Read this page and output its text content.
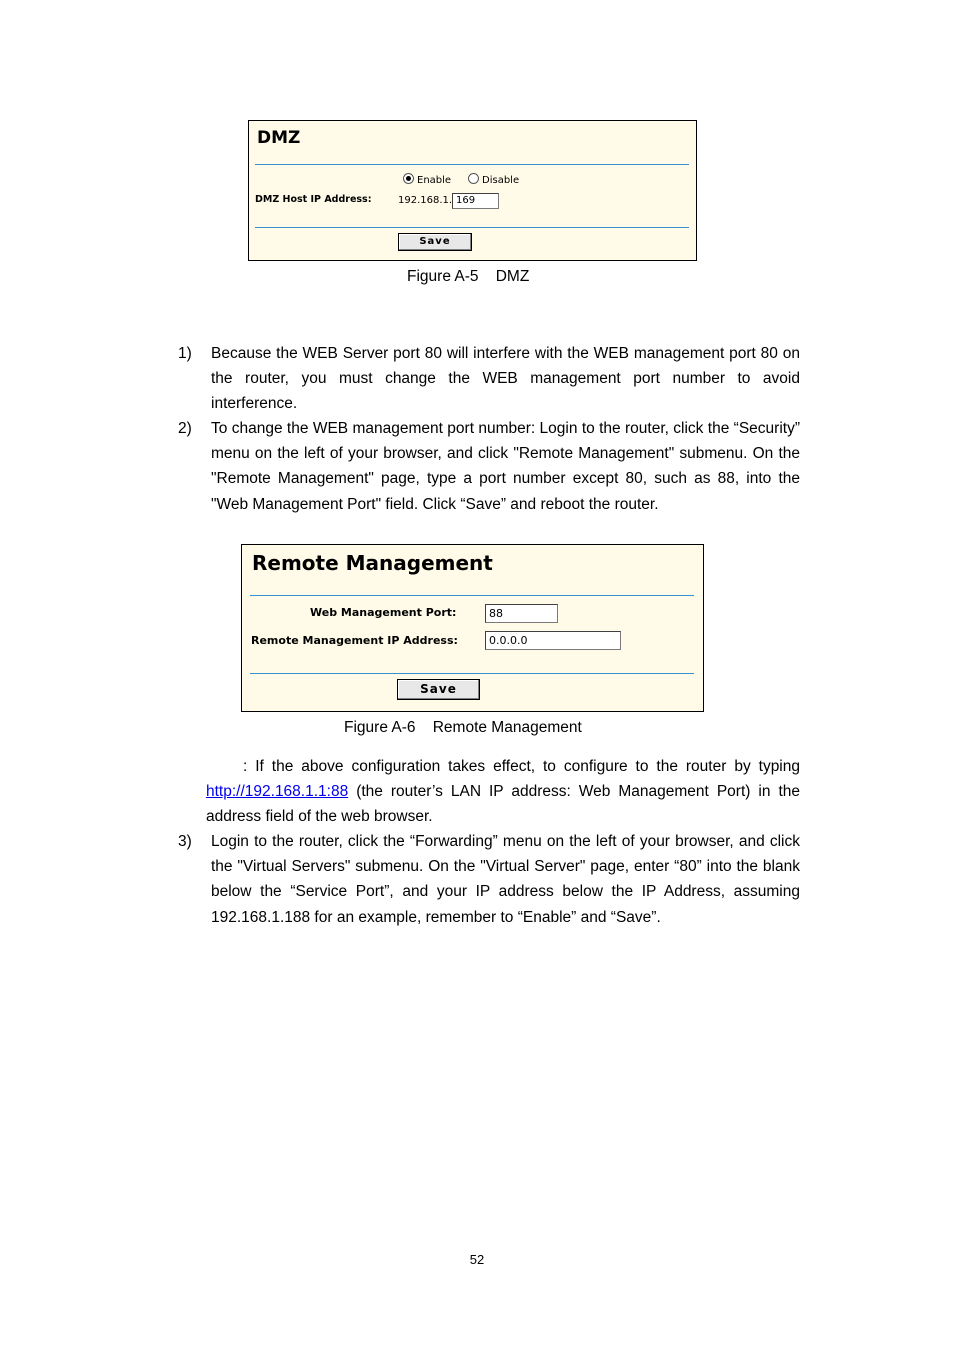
DMZ
Enable	Disable
DMZ Host IP Address:	192.168.1. 169
Save
Figure A-5    DMZ
1) Because the WEB Server port 80 will interfere with the WEB management port 80 on the router, you must change the WEB management port number to avoid interference.
2) To change the WEB management port number: Login to the router, click the “Security” menu on the left of your browser, and click "Remote Management" submenu. On the "Remote Management" page, type a port number except 80, such as 88, into the "Web Management Port" field. Click “Save” and reboot the router.
Remote Management
Web Management Port:	88
Remote Management IP Address:	0.0.0.0
Save
Figure A-6    Remote Management
: If the above configuration takes effect, to configure to the router by typing http://192.168.1.1:88 (the router’s LAN IP address: Web Management Port) in the address field of the web browser.
3) Login to the router, click the “Forwarding” menu on the left of your browser, and click the "Virtual Servers" submenu. On the "Virtual Server" page, enter “80” into the blank below the “Service Port”, and your IP address below the IP Address, assuming 192.168.1.188 for an example, remember to “Enable” and “Save”.
52
